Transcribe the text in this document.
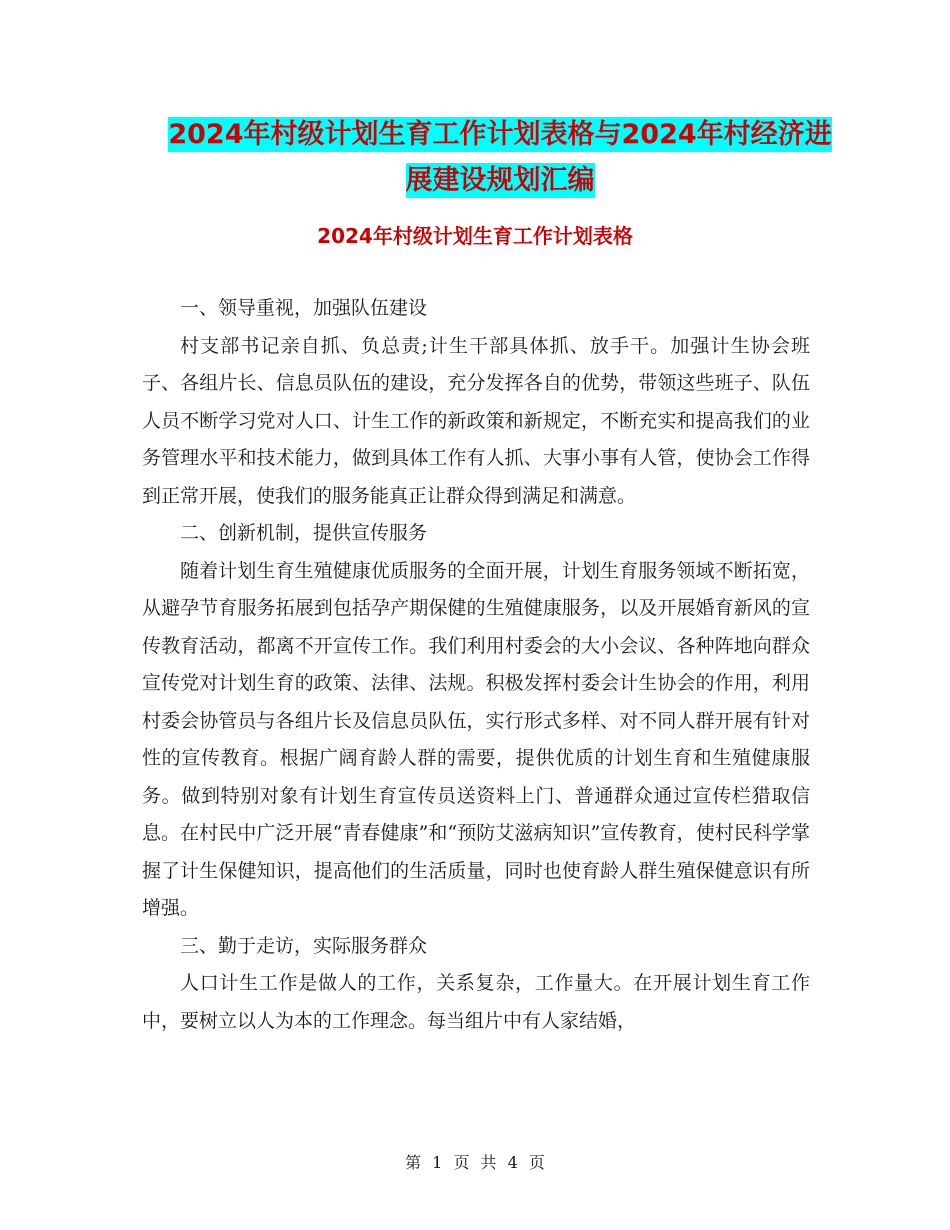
2024年村级计划生育工作计划表格与2024年村经济进
展建设规划汇编
2024年村级计划生育工作计划表格

一、领导重视，加强队伍建设

村支部书记亲自抓、负总责;计生干部具体抓、放手干。加强计生协会班子、各组片长、信息员队伍的建设，充分发挥各自的优势，带领这些班子、队伍人员不断学习党对人口、计生工作的新政策和新规定，不断充实和提高我们的业务管理水平和技术能力，做到具体工作有人抓、大事小事有人管，使协会工作得到正常开展，使我们的服务能真正让群众得到满足和满意。

二、创新机制，提供宣传服务

随着计划生育生殖健康优质服务的全面开展，计划生育服务领域不断拓宽，从避孕节育服务拓展到包括孕产期保健的生殖健康服务，以及开展婚育新风的宣传教育活动，都离不开宣传工作。我们利用村委会的大小会议、各种阵地向群众宣传党对计划生育的政策、法律、法规。积极发挥村委会计生协会的作用，利用村委会协管员与各组片长及信息员队伍，实行形式多样、对不同人群开展有针对性的宣传教育。根据广阔育龄人群的需要，提供优质的计划生育和生殖健康服务。做到特别对象有计划生育宣传员送资料上门、普通群众通过宣传栏猎取信息。在村民中广泛开展“青春健康”和“预防艾滋病知识”宣传教育，使村民科学掌握了计生保健知识，提高他们的生活质量，同时也使育龄人群生殖保健意识有所增强。

三、勤于走访，实际服务群众

人口计生工作是做人的工作，关系复杂，工作量大。在开展计划生育工作中，要树立以人为本的工作理念。每当组片中有人家结婚，

第 1 页 共 4 页
